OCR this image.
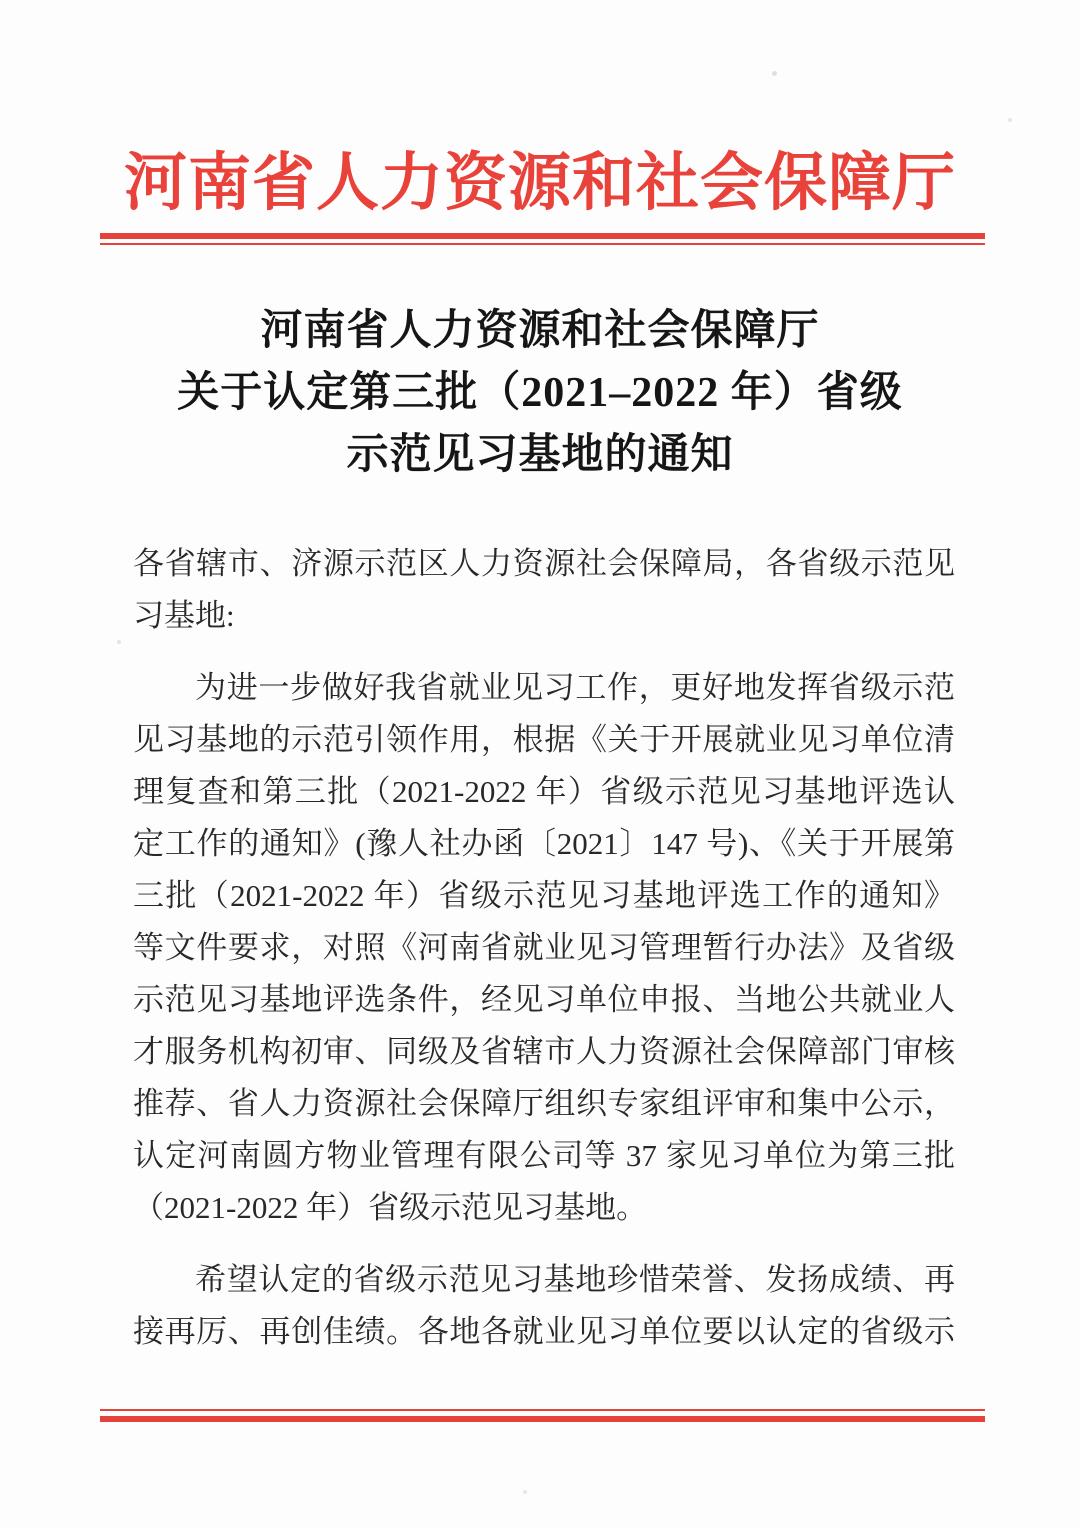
河南省人力资源和社会保障厅
河南省人力资源和社会保障厅
关于认定第三批（2021–2022 年）省级
示范见习基地的通知
各省辖市、济源示范区人力资源社会保障局，各省级示范见
习基地:
为进一步做好我省就业见习工作，更好地发挥省级示范
见习基地的示范引领作用，根据《关于开展就业见习单位清
理复查和第三批（2021-2022 年）省级示范见习基地评选认
定工作的通知》(豫人社办函〔2021〕147 号)、《关于开展第
三批（2021-2022 年）省级示范见习基地评选工作的通知》
等文件要求，对照《河南省就业见习管理暂行办法》及省级
示范见习基地评选条件，经见习单位申报、当地公共就业人
才服务机构初审、同级及省辖市人力资源社会保障部门审核
推荐、省人力资源社会保障厅组织专家组评审和集中公示，
认定河南圆方物业管理有限公司等 37 家见习单位为第三批
（2021-2022 年）省级示范见习基地。
希望认定的省级示范见习基地珍惜荣誉、发扬成绩、再
接再厉、再创佳绩。各地各就业见习单位要以认定的省级示
